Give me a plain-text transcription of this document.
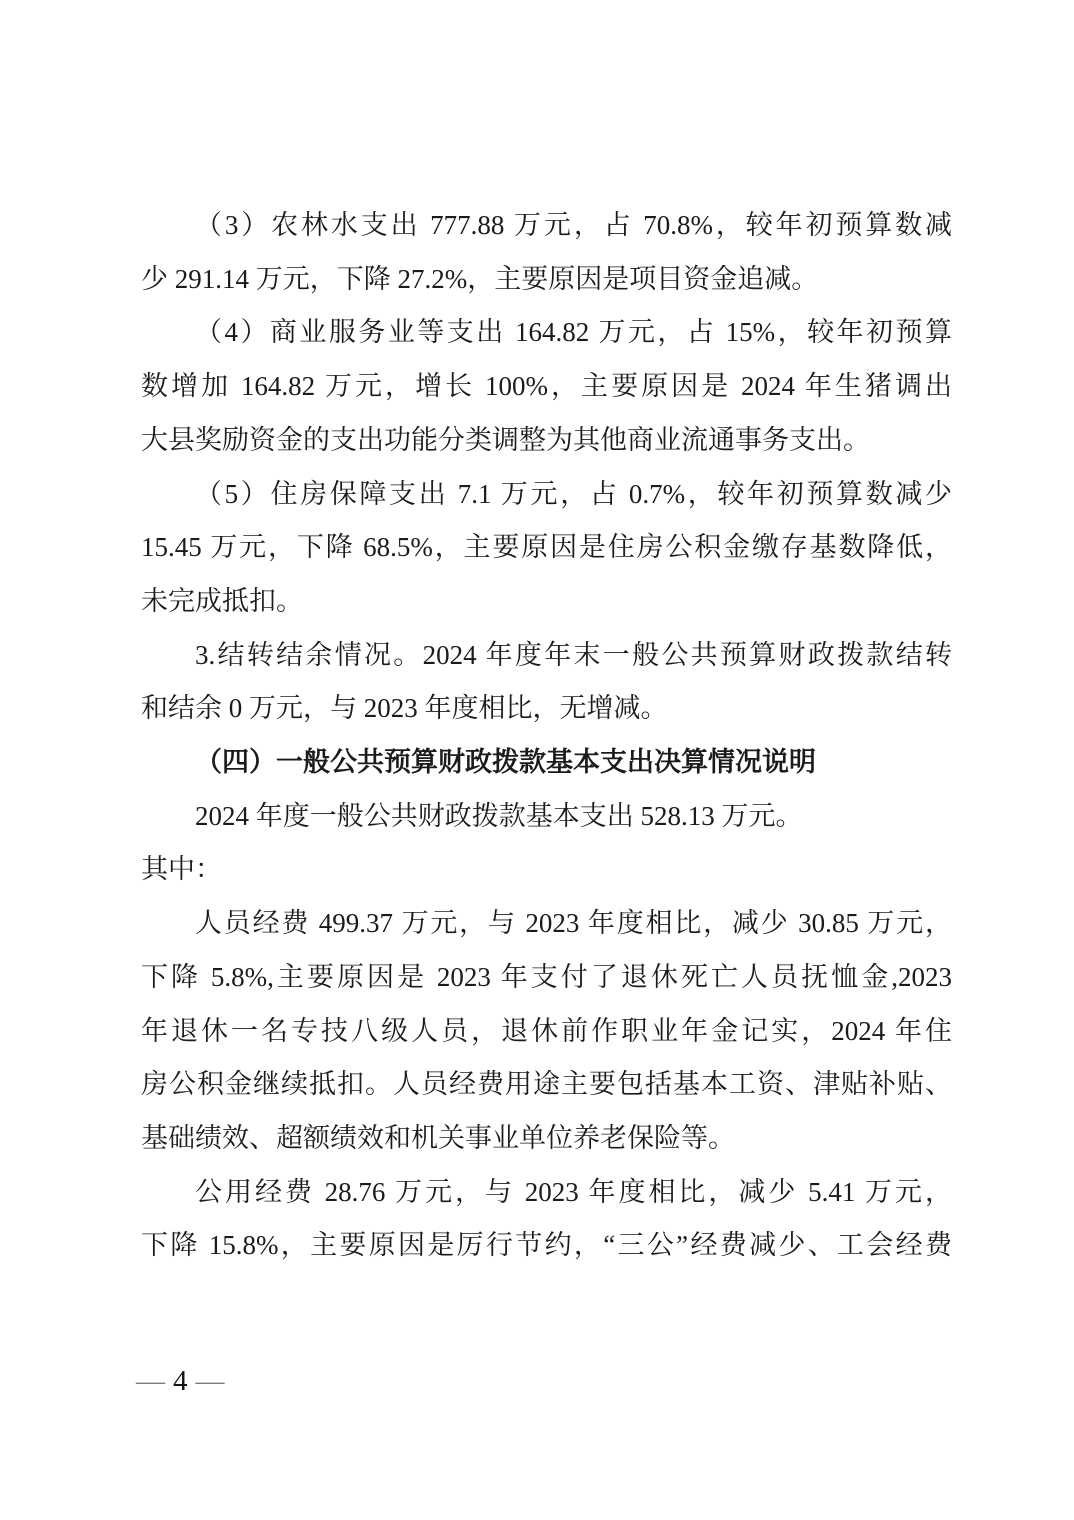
（3）农林水支出 777.88 万元，占 70.8%，较年初预算数减
少 291.14 万元，下降 27.2%，主要原因是项目资金追减。

（4）商业服务业等支出 164.82 万元，占 15%，较年初预算
数增加 164.82 万元，增长 100%，主要原因是 2024 年生猪调出
大县奖励资金的支出功能分类调整为其他商业流通事务支出。

（5）住房保障支出 7.1 万元，占 0.7%，较年初预算数减少
15.45 万元，下降 68.5%，主要原因是住房公积金缴存基数降低，
未完成抵扣。

3.结转结余情况。2024 年度年末一般公共预算财政拨款结转
和结余 0 万元，与 2023 年度相比，无增减。

（四）一般公共预算财政拨款基本支出决算情况说明

2024 年度一般公共财政拨款基本支出 528.13 万元。

其中：

人员经费 499.37 万元，与 2023 年度相比，减少 30.85 万元，
下降 5.8%,主要原因是 2023 年支付了退休死亡人员抚恤金,2023
年退休一名专技八级人员，退休前作职业年金记实，2024 年住
房公积金继续抵扣。人员经费用途主要包括基本工资、津贴补贴、
基础绩效、超额绩效和机关事业单位养老保险等。

公用经费 28.76 万元，与 2023 年度相比，减少 5.41 万元，
下降 15.8%，主要原因是厉行节约，“三公”经费减少、工会经费

— 4 —
